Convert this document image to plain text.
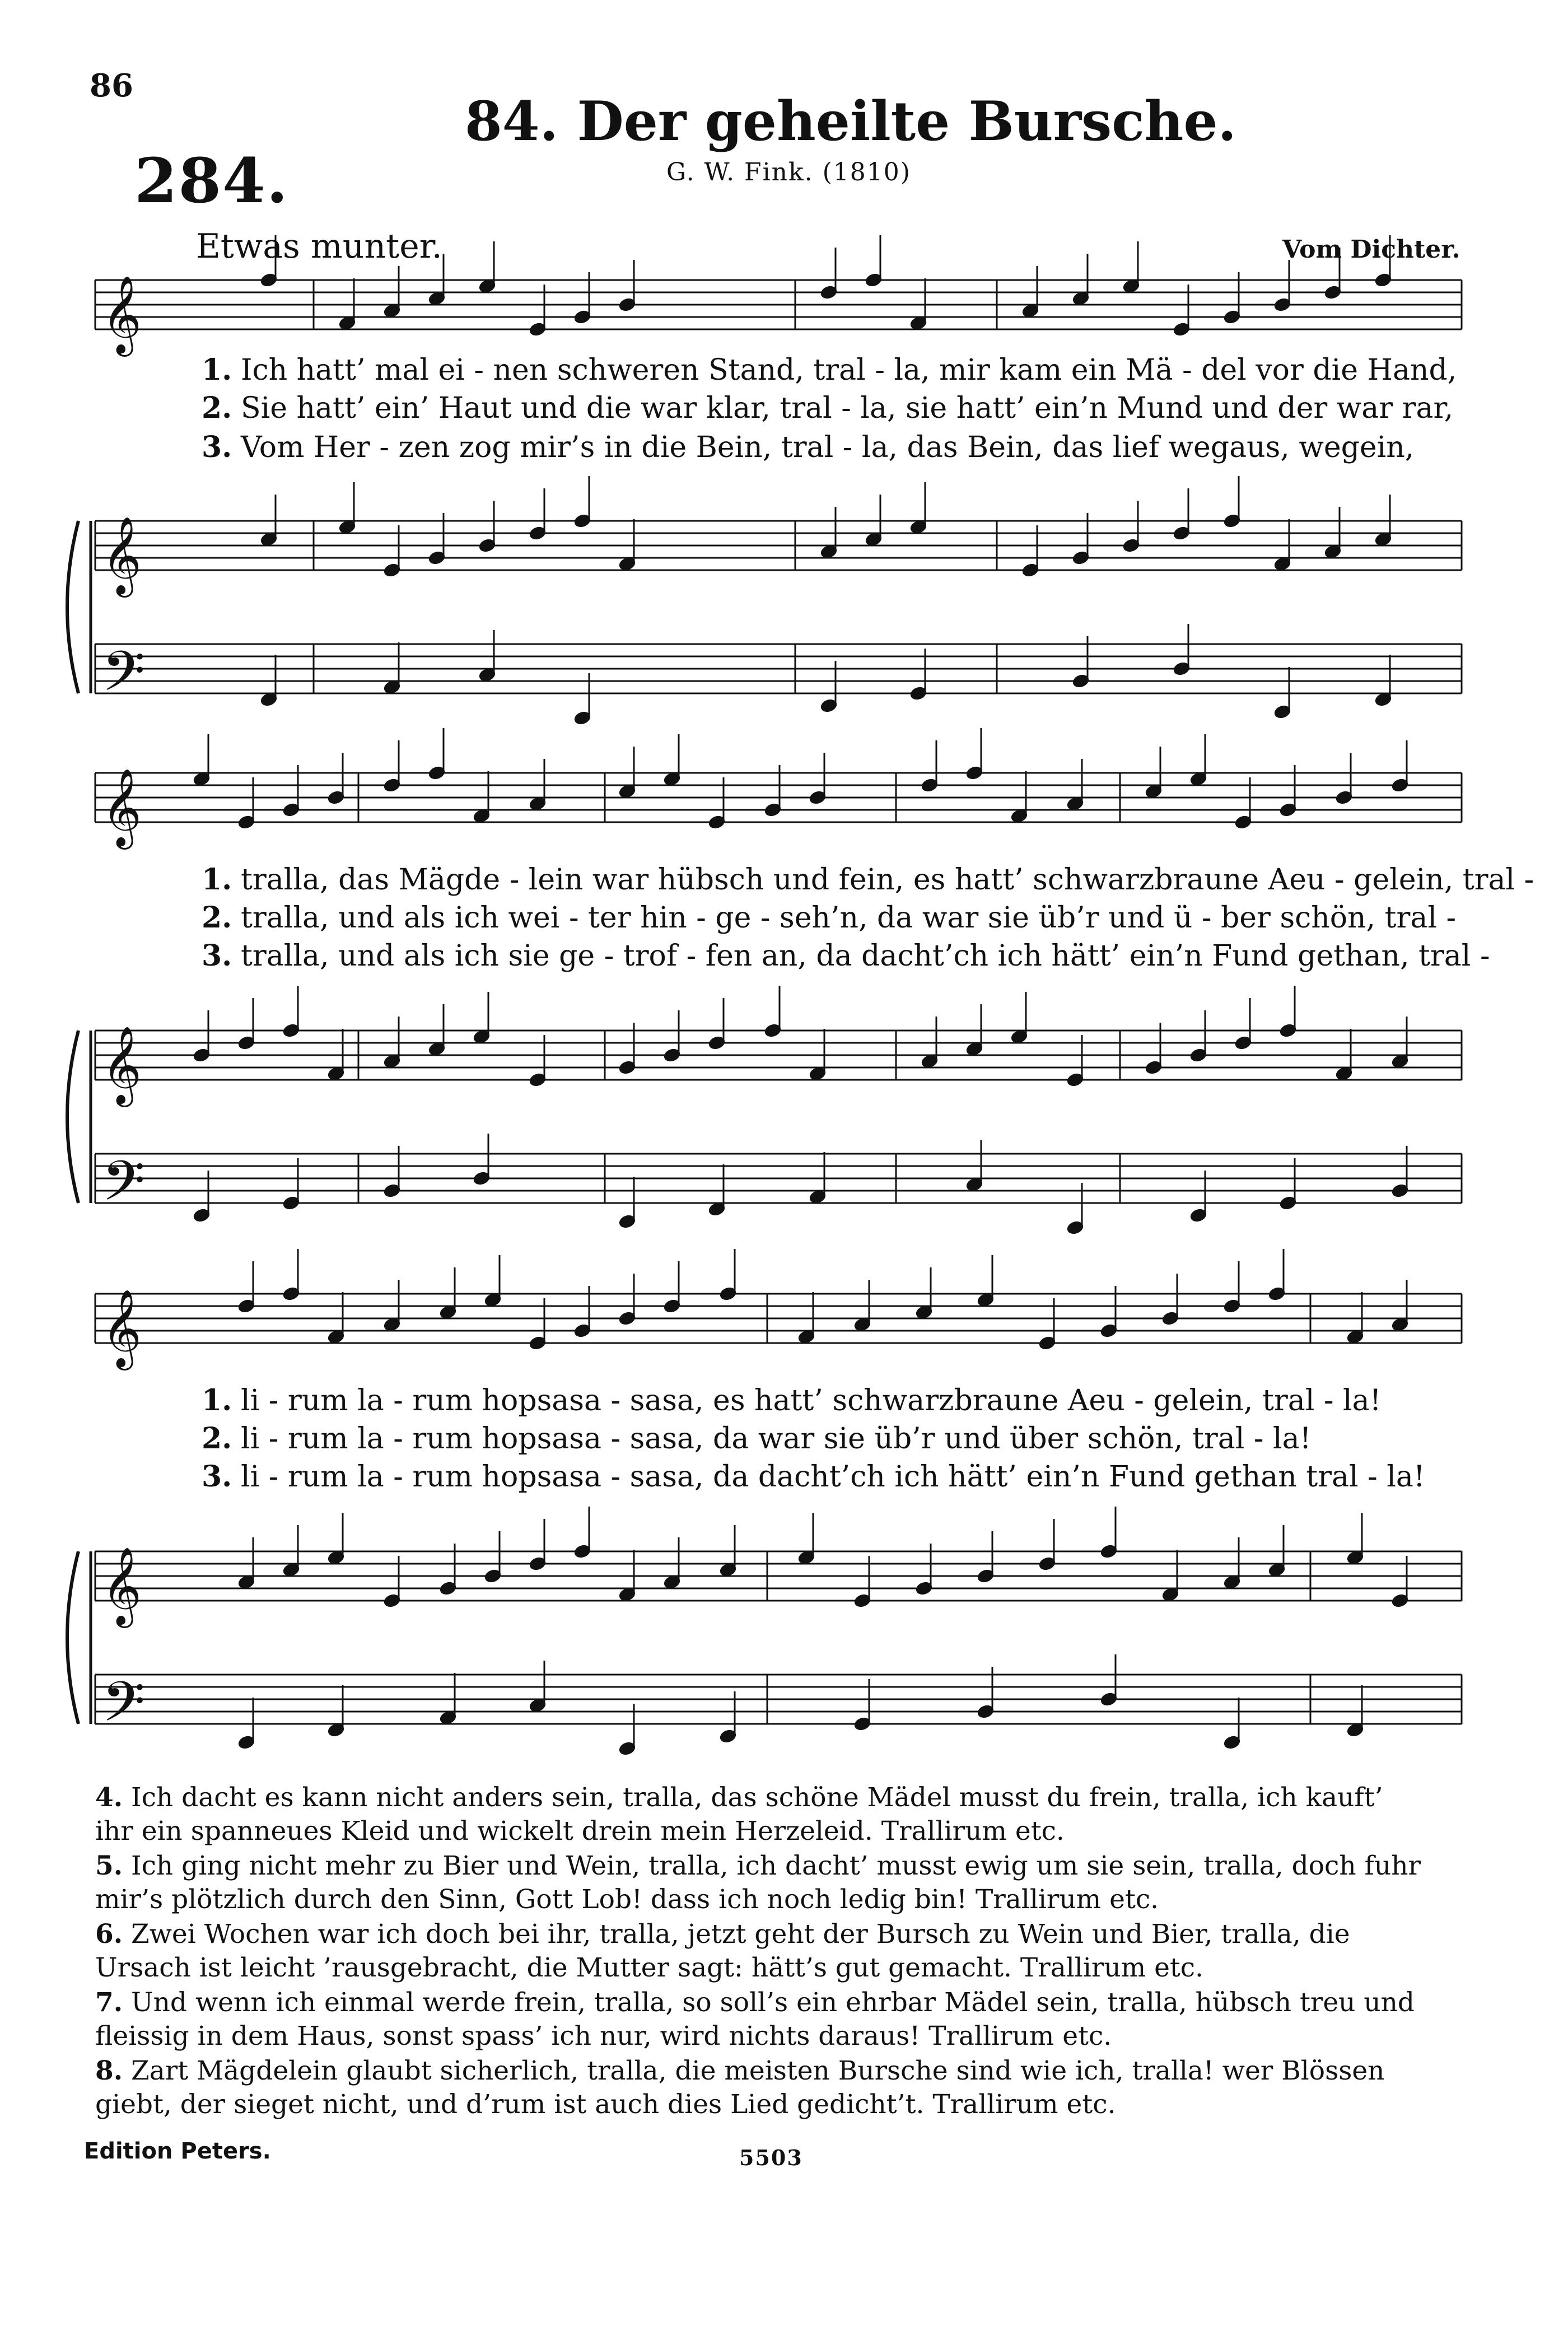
86
284.
84. Der geheilte Bursche.
G. W. Fink. (1810)
Etwas munter.	Vom Dichter.
𝄞
𝄞
𝄢
𝄞
𝄞
𝄢
𝄞
𝄞
𝄢
1. Ich hatt’ mal ei - nen schweren Stand, tral - la, mir kam ein Mä - del vor die Hand,
2. Sie hatt’ ein’ Haut und die war klar, tral - la, sie hatt’ ein’n Mund und der war rar,
3. Vom Her - zen zog mir’s in die Bein, tral - la, das Bein, das lief wegaus, wegein,
1. tralla, das Mägde - lein war hübsch und fein, es hatt’ schwarzbraune Aeu - gelein, tral -
2. tralla, und als ich wei - ter hin - ge - seh’n, da war sie üb’r und ü - ber schön, tral -
3. tralla, und als ich sie ge - trof - fen an, da dacht’ch ich hätt’ ein’n Fund gethan, tral -
1. li - rum la - rum hopsasa - sasa, es hatt’ schwarzbraune Aeu - gelein, tral - la!
2. li - rum la - rum hopsasa - sasa, da war sie üb’r und über schön, tral - la!
3. li - rum la - rum hopsasa - sasa, da dacht’ch ich hätt’ ein’n Fund gethan tral - la!
4. Ich dacht es kann nicht anders sein, tralla, das schöne Mädel musst du frein, tralla, ich kauft’
ihr ein spanneues Kleid und wickelt drein mein Herzeleid. Trallirum etc.
5. Ich ging nicht mehr zu Bier und Wein, tralla, ich dacht’ musst ewig um sie sein, tralla, doch fuhr
mir’s plötzlich durch den Sinn, Gott Lob! dass ich noch ledig bin! Trallirum etc.
6. Zwei Wochen war ich doch bei ihr, tralla, jetzt geht der Bursch zu Wein und Bier, tralla, die
Ursach ist leicht ’rausgebracht, die Mutter sagt: hätt’s gut gemacht. Trallirum etc.
7. Und wenn ich einmal werde frein, tralla, so soll’s ein ehrbar Mädel sein, tralla, hübsch treu und
fleissig in dem Haus, sonst spass’ ich nur, wird nichts daraus! Trallirum etc.
8. Zart Mägdelein glaubt sicherlich, tralla, die meisten Bursche sind wie ich, tralla! wer Blössen
giebt, der sieget nicht, und d’rum ist auch dies Lied gedicht’t. Trallirum etc.
Edition Peters.	5503
